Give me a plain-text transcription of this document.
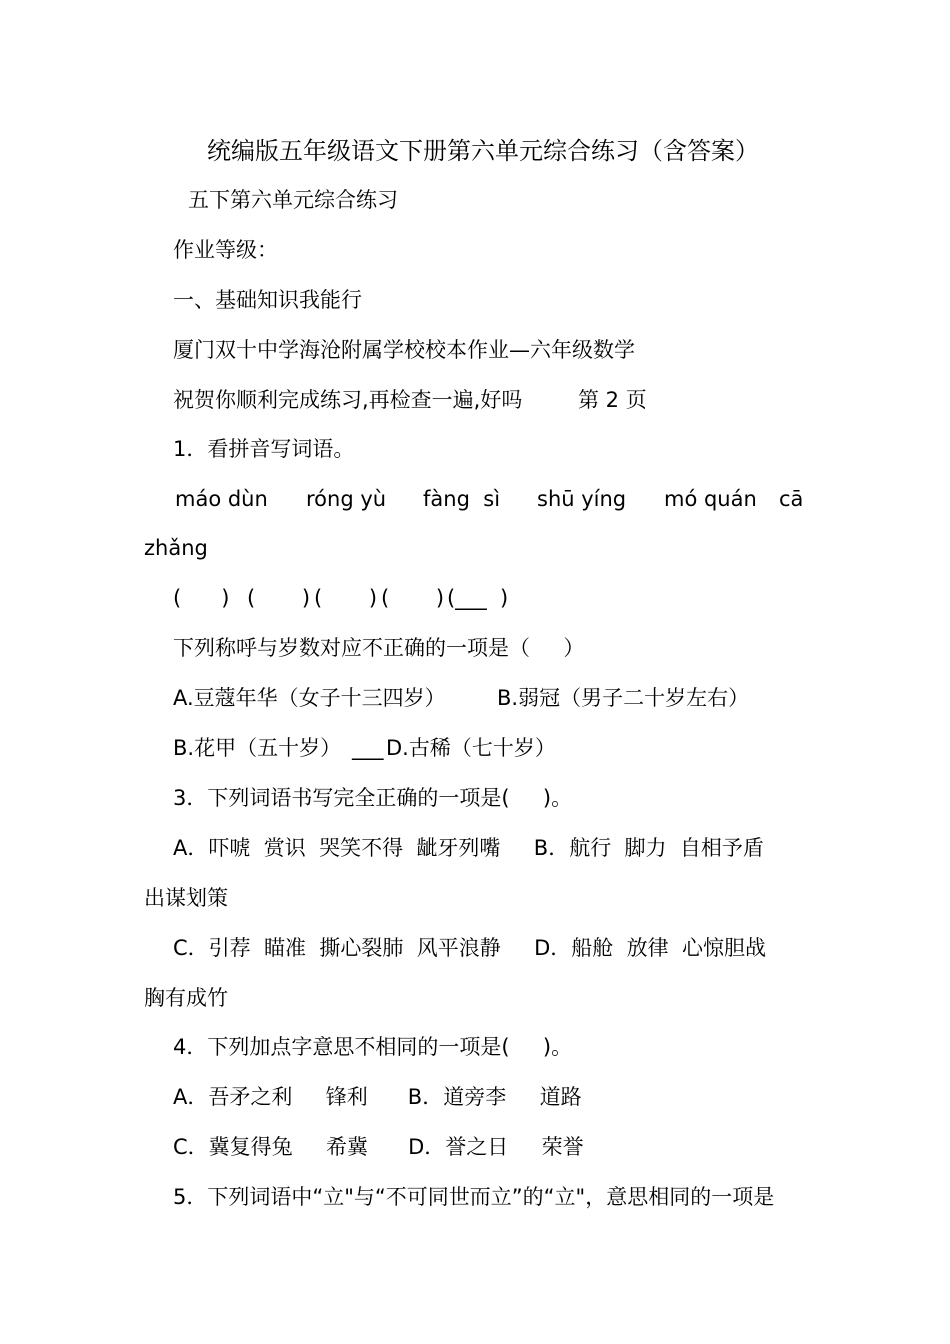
统编版五年级语文下册第六单元综合练习（含答案）
五下第六单元综合练习
作业等级：
一、基础知识我能行
厦门双十中学海沧附属学校校本作业—六年级数学
祝贺你顺利完成练习,再检查一遍,好吗	第 2 页
1．看拼音写词语。
máo dùn róng yù fàng  sì shū yíng mó quán cā
zhǎng
(      ) (       ) (       ) (       ) (___  )
下列称呼与岁数对应不正确的一项是（     ）
A.豆蔻年华（女子十三四岁） B.弱冠（男子二十岁左右）
B.花甲（五十岁） ___ D.古稀（七十岁）
3．下列词语书写完全正确的一项是(     )。
A．吓唬  赏识  哭笑不得  龇牙列嘴     B．航行  脚力  自相予盾
出谋划策
C．引荐  瞄准  撕心裂肺  风平浪静     D．船舱  放律  心惊胆战
胸有成竹
4．下列加点字意思不相同的一项是(     )。
A．吾矛之利     锋利      B．道旁李     道路
C．冀复得兔     希冀      D．誉之日     荣誉
5．下列词语中“立"与“不可同世而立”的“立"，意思相同的一项是
